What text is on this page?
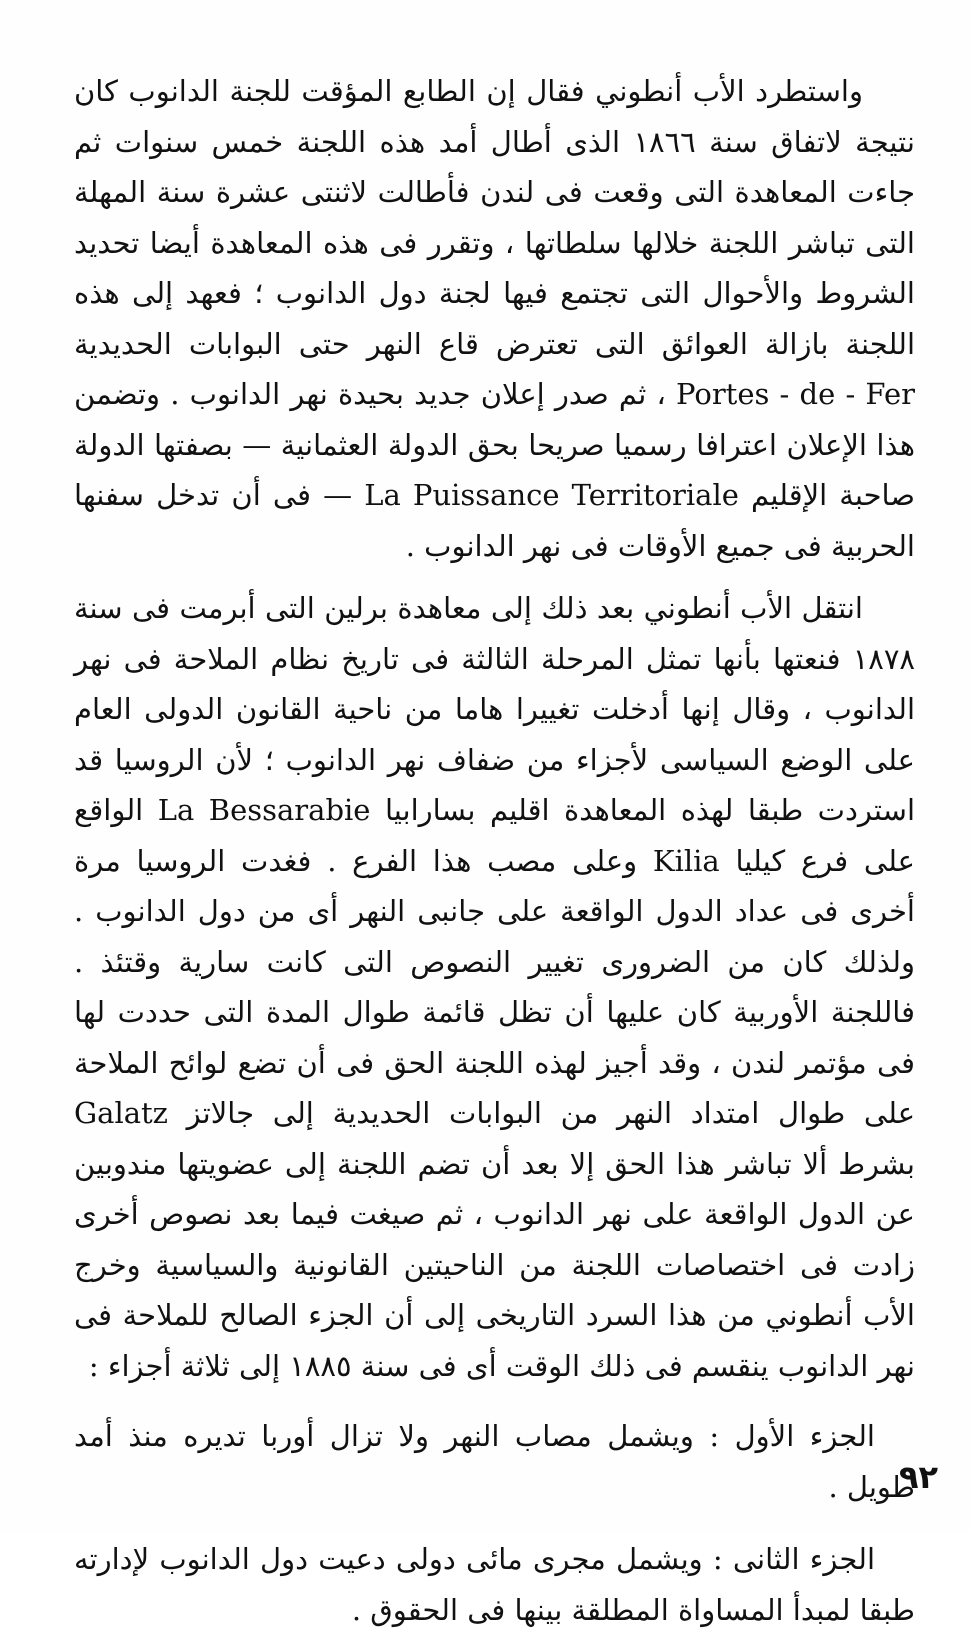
واستطرد الأب أنطوني فقال إن الطابع المؤقت للجنة الدانوب كان نتيجة لاتفاق سنة ١٨٦٦ الذى أطال أمد هذه اللجنة خمس سنوات ثم جاءت المعاهدة التى وقعت فى لندن فأطالت لاثنتى عشرة سنة المهلة التى تباشر اللجنة خلالها سلطاتها ، وتقرر فى هذه المعاهدة أيضا تحديد الشروط والأحوال التى تجتمع فيها لجنة دول الدانوب ؛ فعهد إلى هذه اللجنة بازالة العوائق التى تعترض قاع النهر حتى البوابات الحديدية Portes - de - Fer ، ثم صدر إعلان جديد بحيدة نهر الدانوب . وتضمن هذا الإعلان اعترافا رسميا صريحا بحق الدولة العثمانية — بصفتها الدولة صاحبة الإقليم La Puissance Territoriale — فى أن تدخل سفنها الحربية فى جميع الأوقات فى نهر الدانوب .

انتقل الأب أنطوني بعد ذلك إلى معاهدة برلين التى أبرمت فى سنة ١٨٧٨ فنعتها بأنها تمثل المرحلة الثالثة فى تاريخ نظام الملاحة فى نهر الدانوب ، وقال إنها أدخلت تغييرا هاما من ناحية القانون الدولى العام على الوضع السياسى لأجزاء من ضفاف نهر الدانوب ؛ لأن الروسيا قد استردت طبقا لهذه المعاهدة اقليم بسارابيا La Bessarabie الواقع على فرع كيليا Kilia وعلى مصب هذا الفرع . فغدت الروسيا مرة أخرى فى عداد الدول الواقعة على جانبى النهر أى من دول الدانوب . ولذلك كان من الضرورى تغيير النصوص التى كانت سارية وقتئذ . فاللجنة الأوربية كان عليها أن تظل قائمة طوال المدة التى حددت لها فى مؤتمر لندن ، وقد أجيز لهذه اللجنة الحق فى أن تضع لوائح الملاحة على طوال امتداد النهر من البوابات الحديدية إلى جالاتز Galatz بشرط ألا تباشر هذا الحق إلا بعد أن تضم اللجنة إلى عضويتها مندوبين عن الدول الواقعة على نهر الدانوب ، ثم صيغت فيما بعد نصوص أخرى زادت فى اختصاصات اللجنة من الناحيتين القانونية والسياسية وخرج الأب أنطوني من هذا السرد التاريخى إلى أن الجزء الصالح للملاحة فى نهر الدانوب ينقسم فى ذلك الوقت أى فى سنة ١٨٨٥ إلى ثلاثة أجزاء :

الجزء الأول : ويشمل مصاب النهر ولا تزال أوربا تديره منذ أمد طويل .

الجزء الثانى : ويشمل مجرى مائى دولى دعيت دول الدانوب لإدارته طبقا لمبدأ المساواة المطلقة بينها فى الحقوق .

٩٢
